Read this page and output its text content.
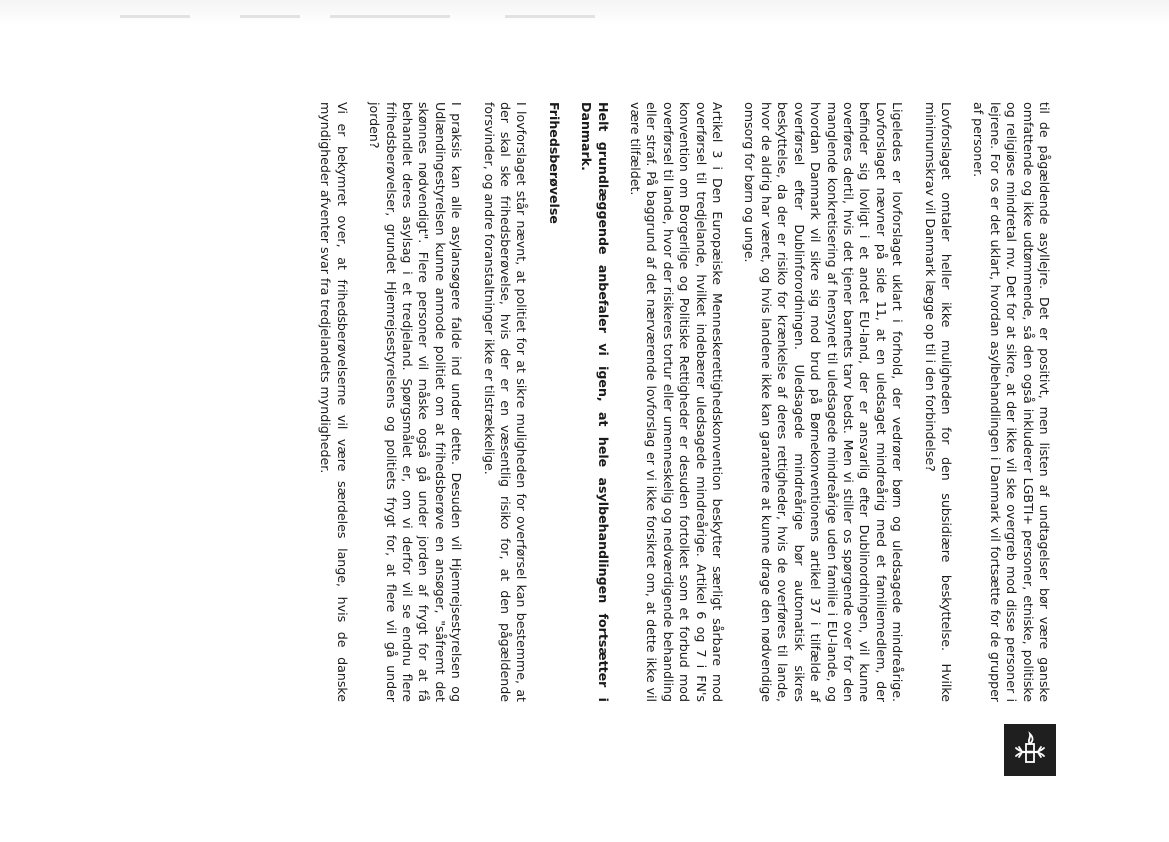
til de pågældende asyllejre. Det er positivt, men listen af undtagelser bør være ganske omfattende og ikke udtømmende, så den også inkluderer LGBTI+ personer, etniske, politiske og religiøse mindretal mv. Det for at sikre, at der ikke vil ske overgreb mod disse personer i lejrene. For os er det uklart, hvordan asylbehandlingen i Danmark vil fortsætte for de grupper af personer.

Lovforslaget omtaler heller ikke muligheden for den subsidiære beskyttelse. Hvilke minimumskrav vil Danmark lægge op til i den forbindelse?

Ligeledes er lovforslaget uklart i forhold, der vedrører børn og uledsagede mindreårige. Lovforslaget nævner på side 11, at en uledsaget mindreårig med et familiemedlem, der befinder sig lovligt i et andet EU-land, der er ansvarlig efter Dublinordningen, vil kunne overføres dertil, hvis det tjener barnets tarv bedst. Men vi stiller os spørgende over for den manglende konkretisering af hensynet til uledsagede mindreårige uden familie i EU-lande, og hvordan Danmark vil sikre sig mod brud på Børnekonventionens artikel 37 i tilfælde af overførsel efter Dublinforordningen. Uledsagede mindreårige bør automatisk sikres beskyttelse, da der er risiko for krænkelse af deres rettigheder, hvis de overføres til lande, hvor de aldrig har været, og hvis landene ikke kan garantere at kunne drage den nødvendige omsorg for børn og unge.

Artikel 3 i Den Europæiske Menneskerettighedskonvention beskytter særligt sårbare mod overførsel til tredjelande, hvilket indebærer uledsagede mindreårige. Artikel 6 og 7 i FN's konvention om Borgerlige og Politiske Rettigheder er desuden fortolket som et forbud mod overførsel til lande, hvor der risikeres tortur eller umenneskelig og nedværdigende behandling eller straf. På baggrund af det nærværende lovforslag er vi ikke forsikret om, at dette ikke vil være tilfældet.

Helt grundlæggende anbefaler vi igen, at hele asylbehandlingen fortsætter i Danmark.

Frihedsberøvelse

I lovforslaget står nævnt, at politiet for at sikre muligheden for overførsel kan bestemme, at der skal ske frihedsberøvelse, hvis der er en væsentlig risiko for, at den pågældende forsvinder, og andre foranstaltninger ikke er tilstrækkelige.

I praksis kan alle asylansøgere falde ind under dette. Desuden vil Hjemrejsestyrelsen og Udlændingestyrelsen kunne anmode politiet om at frihedsberøve en ansøger, "såfremt det skønnes nødvendigt". Flere personer vil måske også gå under jorden af frygt for at få behandlet deres asylsag i et tredjeland. Spørgsmålet er, om vi derfor vil se endnu flere frihedsberøvelser, grundet Hjemrejsestyrelsens og politiets frygt for, at flere vil gå under jorden?

Vi er bekymret over, at frihedsberøvelserne vil være særdeles lange, hvis de danske myndigheder afventer svar fra tredjelandets myndigheder.
